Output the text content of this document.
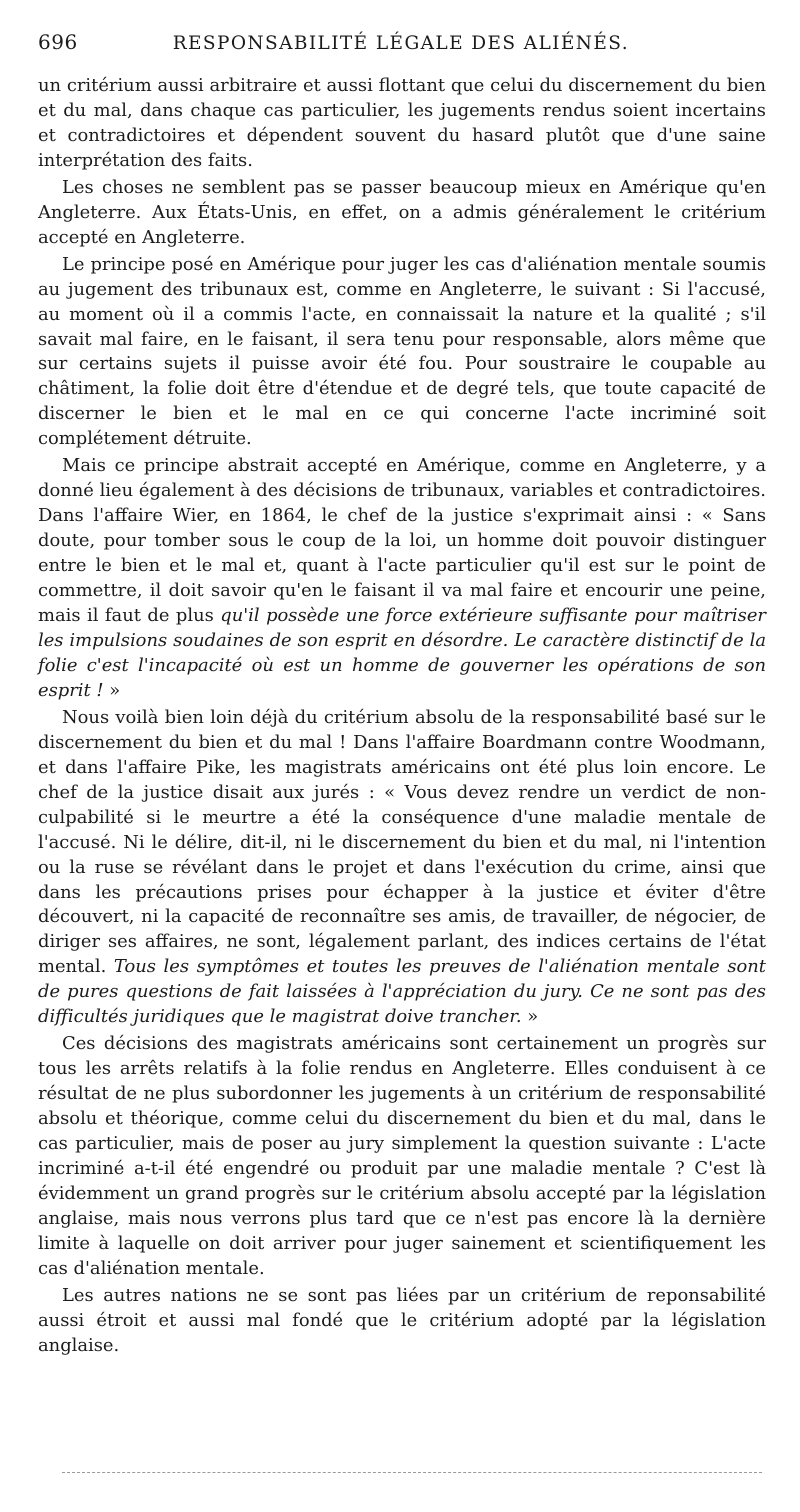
696	RESPONSABILITÉ LÉGALE DES ALIÉNÉS.

un critérium aussi arbitraire et aussi flottant que celui du discernement du bien et du mal, dans chaque cas particulier, les jugements rendus soient incertains et contradictoires et dépendent souvent du hasard plutôt que d'une saine interprétation des faits.

Les choses ne semblent pas se passer beaucoup mieux en Amérique qu'en Angleterre. Aux États-Unis, en effet, on a admis généralement le critérium accepté en Angleterre.

Le principe posé en Amérique pour juger les cas d'aliénation mentale soumis au jugement des tribunaux est, comme en Angleterre, le suivant : Si l'accusé, au moment où il a commis l'acte, en connaissait la nature et la qualité ; s'il savait mal faire, en le faisant, il sera tenu pour responsable, alors même que sur certains sujets il puisse avoir été fou. Pour soustraire le coupable au châtiment, la folie doit être d'étendue et de degré tels, que toute capacité de discerner le bien et le mal en ce qui concerne l'acte incriminé soit complétement détruite.

Mais ce principe abstrait accepté en Amérique, comme en Angleterre, y a donné lieu également à des décisions de tribunaux, variables et contradictoires. Dans l'affaire Wier, en 1864, le chef de la justice s'exprimait ainsi : « Sans doute, pour tomber sous le coup de la loi, un homme doit pouvoir distinguer entre le bien et le mal et, quant à l'acte particulier qu'il est sur le point de commettre, il doit savoir qu'en le faisant il va mal faire et encourir une peine, mais il faut de plus qu'il possède une force extérieure suffisante pour maîtriser les impulsions soudaines de son esprit en désordre. Le caractère distinctif de la folie c'est l'incapacité où est un homme de gouverner les opérations de son esprit ! »

Nous voilà bien loin déjà du critérium absolu de la responsabilité basé sur le discernement du bien et du mal ! Dans l'affaire Boardmann contre Woodmann, et dans l'affaire Pike, les magistrats américains ont été plus loin encore. Le chef de la justice disait aux jurés : « Vous devez rendre un verdict de non-culpabilité si le meurtre a été la conséquence d'une maladie mentale de l'accusé. Ni le délire, dit-il, ni le discernement du bien et du mal, ni l'intention ou la ruse se révélant dans le projet et dans l'exécution du crime, ainsi que dans les précautions prises pour échapper à la justice et éviter d'être découvert, ni la capacité de reconnaître ses amis, de travailler, de négocier, de diriger ses affaires, ne sont, légalement parlant, des indices certains de l'état mental. Tous les symptômes et toutes les preuves de l'aliénation mentale sont de pures questions de fait laissées à l'appréciation du jury. Ce ne sont pas des difficultés juridiques que le magistrat doive trancher. »

Ces décisions des magistrats américains sont certainement un progrès sur tous les arrêts relatifs à la folie rendus en Angleterre. Elles conduisent à ce résultat de ne plus subordonner les jugements à un critérium de responsabilité absolu et théorique, comme celui du discernement du bien et du mal, dans le cas particulier, mais de poser au jury simplement la question suivante : L'acte incriminé a-t-il été engendré ou produit par une maladie mentale ? C'est là évidemment un grand progrès sur le critérium absolu accepté par la législation anglaise, mais nous verrons plus tard que ce n'est pas encore là la dernière limite à laquelle on doit arriver pour juger sainement et scientifiquement les cas d'aliénation mentale.

Les autres nations ne se sont pas liées par un critérium de reponsabilité aussi étroit et aussi mal fondé que le critérium adopté par la législation anglaise.
